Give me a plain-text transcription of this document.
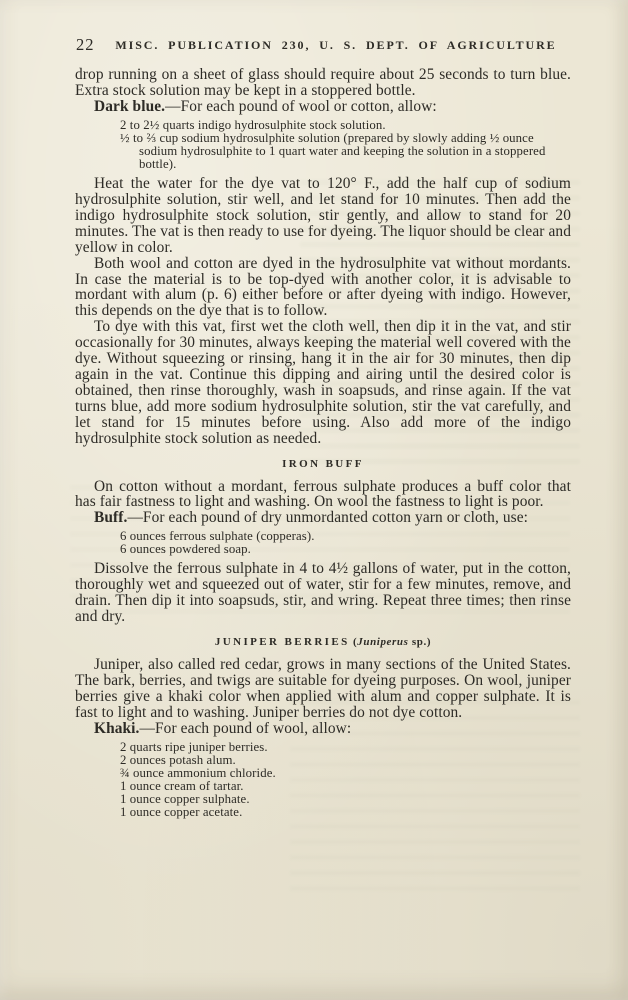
22	MISC. PUBLICATION 230, U. S. DEPT. OF AGRICULTURE

drop running on a sheet of glass should require about 25 seconds to turn blue. Extra stock solution may be kept in a stoppered bottle.

Dark blue.—For each pound of wool or cotton, allow:

2 to 2½ quarts indigo hydrosulphite stock solution.
½ to ⅔ cup sodium hydrosulphite solution (prepared by slowly adding ½ ounce sodium hydrosulphite to 1 quart water and keeping the solution in a stoppered bottle).

Heat the water for the dye vat to 120° F., add the half cup of sodium hydrosulphite solution, stir well, and let stand for 10 minutes. Then add the indigo hydrosulphite stock solution, stir gently, and allow to stand for 20 minutes. The vat is then ready to use for dyeing. The liquor should be clear and yellow in color.

Both wool and cotton are dyed in the hydrosulphite vat without mordants. In case the material is to be top-dyed with another color, it is advisable to mordant with alum (p. 6) either before or after dyeing with indigo. However, this depends on the dye that is to follow.

To dye with this vat, first wet the cloth well, then dip it in the vat, and stir occasionally for 30 minutes, always keeping the material well covered with the dye. Without squeezing or rinsing, hang it in the air for 30 minutes, then dip again in the vat. Continue this dipping and airing until the desired color is obtained, then rinse thoroughly, wash in soapsuds, and rinse again. If the vat turns blue, add more sodium hydrosulphite solution, stir the vat carefully, and let stand for 15 minutes before using. Also add more of the indigo hydrosulphite stock solution as needed.

IRON BUFF

On cotton without a mordant, ferrous sulphate produces a buff color that has fair fastness to light and washing. On wool the fastness to light is poor.

Buff.—For each pound of dry unmordanted cotton yarn or cloth, use:

6 ounces ferrous sulphate (copperas).
6 ounces powdered soap.

Dissolve the ferrous sulphate in 4 to 4½ gallons of water, put in the cotton, thoroughly wet and squeezed out of water, stir for a few minutes, remove, and drain. Then dip it into soapsuds, stir, and wring. Repeat three times; then rinse and dry.

JUNIPER BERRIES (Juniperus sp.)

Juniper, also called red cedar, grows in many sections of the United States. The bark, berries, and twigs are suitable for dyeing purposes. On wool, juniper berries give a khaki color when applied with alum and copper sulphate. It is fast to light and to washing. Juniper berries do not dye cotton.

Khaki.—For each pound of wool, allow:

2 quarts ripe juniper berries.
2 ounces potash alum.
¾ ounce ammonium chloride.
1 ounce cream of tartar.
1 ounce copper sulphate.
1 ounce copper acetate.
